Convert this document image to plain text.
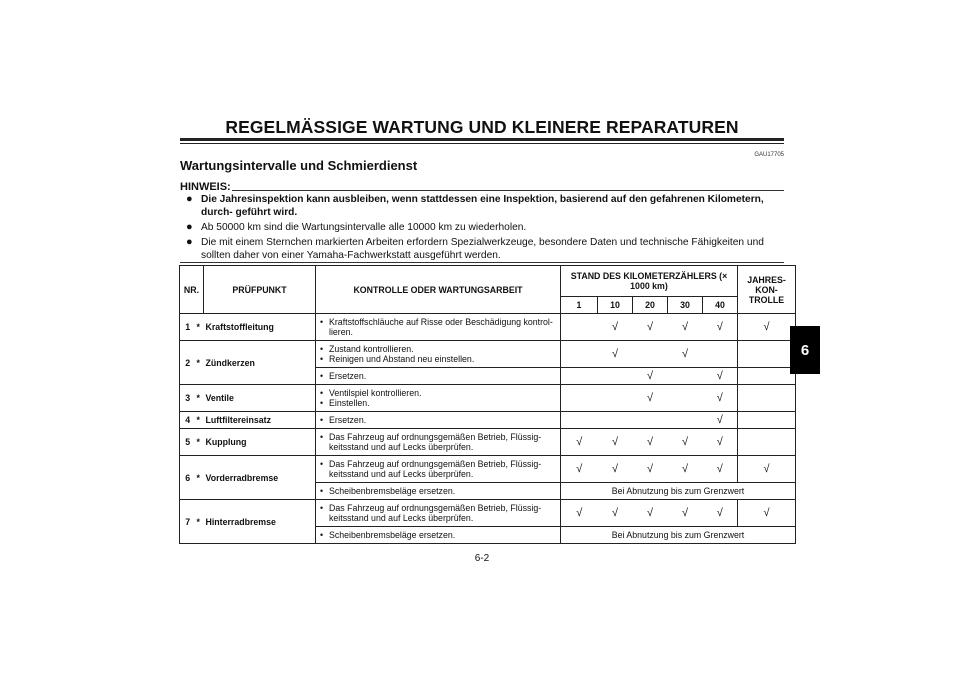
REGELMÄSSIGE WARTUNG UND KLEINERE REPARATUREN
GAU17705
Wartungsintervalle und Schmierdienst
HINWEIS:
● Die Jahresinspektion kann ausbleiben, wenn stattdessen eine Inspektion, basierend auf den gefahrenen Kilometern, durch- geführt wird.
● Ab 50000 km sind die Wartungsintervalle alle 10000 km zu wiederholen.
● Die mit einem Sternchen markierten Arbeiten erfordern Spezialwerkzeuge, besondere Daten und technische Fähigkeiten und sollten daher von einer Yamaha-Fachwerkstatt ausgeführt werden.
NR.		PRÜFPUNKT	KONTROLLE ODER WARTUNGSARBEIT	STAND DES KILOMETERZÄHLERS (× 1000 km)					JAHRES- KON- TROLLE
				1	10	20	30	40	
1	*	Kraftstoffleitung	• Kraftstoffschläuche auf Risse oder Beschädigung kontrol- lieren.		√	√	√	√	√
2	*	Zündkerzen	• Zustand kontrollieren.
• Reinigen und Abstand neu einstellen.		√		√		

			• Ersetzen.			√		√	
3	*	Ventile	• Ventilspiel kontrollieren.
• Einstellen.			√		√	
4	*	Luftfiltereinsatz	• Ersetzen.					√	
5	*	Kupplung	• Das Fahrzeug auf ordnungsgemäßen Betrieb, Flüssig- keitsstand und auf Lecks überprüfen.	√	√	√	√	√	
6	*	Vorderradbremse	• Das Fahrzeug auf ordnungsgemäßen Betrieb, Flüssig- keitsstand und auf Lecks überprüfen.	√	√	√	√	√	√

			• Scheibenbremsbeläge ersetzen.	Bei Abnutzung bis zum Grenzwert					
7	*	Hinterradbremse	• Das Fahrzeug auf ordnungsgemäßen Betrieb, Flüssig- keitsstand und auf Lecks überprüfen.	√	√	√	√	√	√

			• Scheibenbremsbeläge ersetzen.	Bei Abnutzung bis zum Grenzwert					
6
6-2
